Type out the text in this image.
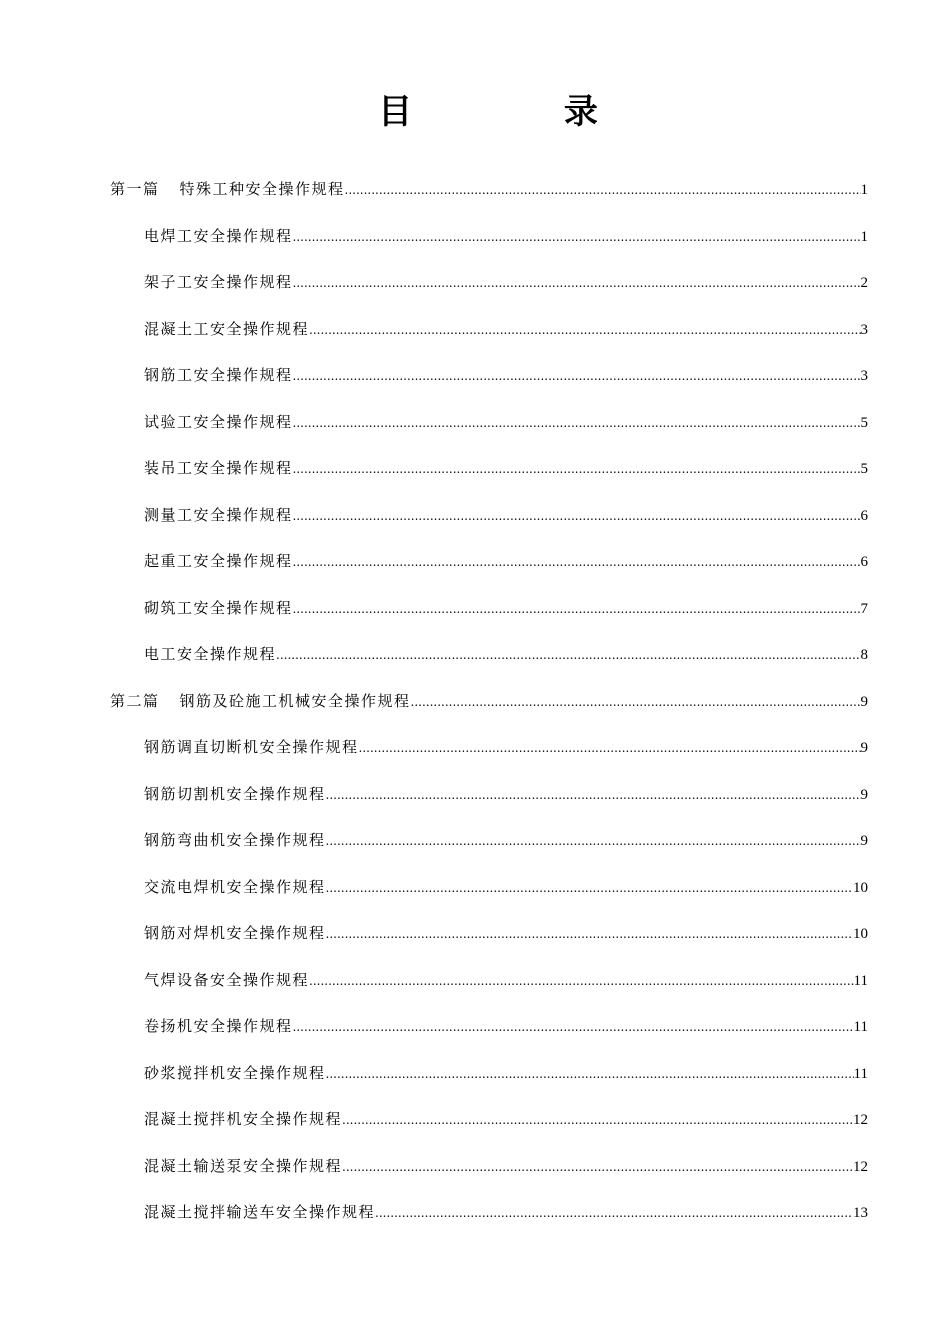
目 录
第一篇 特殊工种安全操作规程 .....	1
电焊工安全操作规程 .....	1
架子工安全操作规程 .....	2
混凝土工安全操作规程 .....	3
钢筋工安全操作规程 .....	3
试验工安全操作规程 .....	5
装吊工安全操作规程 .....	5
测量工安全操作规程 .....	6
起重工安全操作规程 .....	6
砌筑工安全操作规程 .....	7
电工安全操作规程 .....	8
第二篇 钢筋及砼施工机械安全操作规程 .....	9
钢筋调直切断机安全操作规程 .....	9
钢筋切割机安全操作规程 .....	9
钢筋弯曲机安全操作规程 .....	9
交流电焊机安全操作规程 .....	10
钢筋对焊机安全操作规程 .....	10
气焊设备安全操作规程 .....	11
卷扬机安全操作规程 .....	11
砂浆搅拌机安全操作规程 .....	11
混凝土搅拌机安全操作规程 .....	12
混凝土输送泵安全操作规程 .....	12
混凝土搅拌输送车安全操作规程 .....	13
